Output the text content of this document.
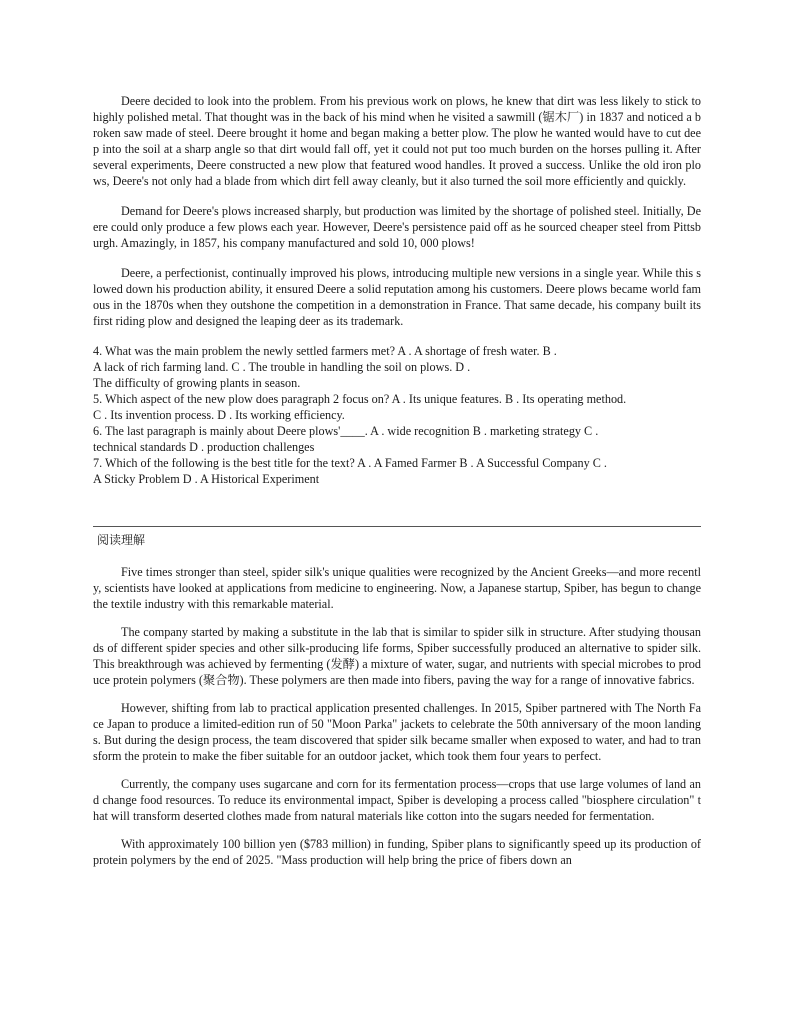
Deere decided to look into the problem. From his previous work on plows, he knew that dirt was less likely to stick to highly polished metal. That thought was in the back of his mind when he visited a sawmill (锯木厂) in 1837 and noticed a broken saw made of steel. Deere brought it home and began making a better plow. The plow he wanted would have to cut deep into the soil at a sharp angle so that dirt would fall off, yet it could not put too much burden on the horses pulling it. After several experiments, Deere constructed a new plow that featured wood handles. It proved a success. Unlike the old iron plows, Deere's not only had a blade from which dirt fell away cleanly, but it also turned the soil more efficiently and quickly.

Demand for Deere's plows increased sharply, but production was limited by the shortage of polished steel. Initially, Deere could only produce a few plows each year. However, Deere's persistence paid off as he sourced cheaper steel from Pittsburgh. Amazingly, in 1857, his company manufactured and sold 10, 000 plows!

Deere, a perfectionist, continually improved his plows, introducing multiple new versions in a single year. While this slowed down his production ability, it ensured Deere a solid reputation among his customers. Deere plows became world famous in the 1870s when they outshone the competition in a demonstration in France. That same decade, his company built its first riding plow and designed the leaping deer as its trademark.

4. What was the main problem the newly settled farmers met? A . A shortage of fresh water. B .

A lack of rich farming land. C . The trouble in handling the soil on plows. D .

The difficulty of growing plants in season.

5. Which aspect of the new plow does paragraph 2 focus on? A . Its unique features. B . Its operating method.

C . Its invention process. D . Its working efficiency.

6. The last paragraph is mainly about Deere plows'____. A . wide recognition B . marketing strategy C .

technical standards D . production challenges

7. Which of the following is the best title for the text? A . A Famed Farmer B . A Successful Company C .

A Sticky Problem D . A Historical Experiment

阅读理解

Five times stronger than steel, spider silk's unique qualities were recognized by the Ancient Greeks—and more recently, scientists have looked at applications from medicine to engineering. Now, a Japanese startup, Spiber, has begun to change the textile industry with this remarkable material.

The company started by making a substitute in the lab that is similar to spider silk in structure. After studying thousands of different spider species and other silk-producing life forms, Spiber successfully produced an alternative to spider silk. This breakthrough was achieved by fermenting (发酵) a mixture of water, sugar, and nutrients with special microbes to produce protein polymers (聚合物). These polymers are then made into fibers, paving the way for a range of innovative fabrics.

However, shifting from lab to practical application presented challenges. In 2015, Spiber partnered with The North Face Japan to produce a limited-edition run of 50 "Moon Parka" jackets to celebrate the 50th anniversary of the moon landings. But during the design process, the team discovered that spider silk became smaller when exposed to water, and had to transform the protein to make the fiber suitable for an outdoor jacket, which took them four years to perfect.

Currently, the company uses sugarcane and corn for its fermentation process—crops that use large volumes of land and change food resources. To reduce its environmental impact, Spiber is developing a process called "biosphere circulation" that will transform deserted clothes made from natural materials like cotton into the sugars needed for fermentation.

With approximately 100 billion yen ($783 million) in funding, Spiber plans to significantly speed up its production of protein polymers by the end of 2025. "Mass production will help bring the price of fibers down an
